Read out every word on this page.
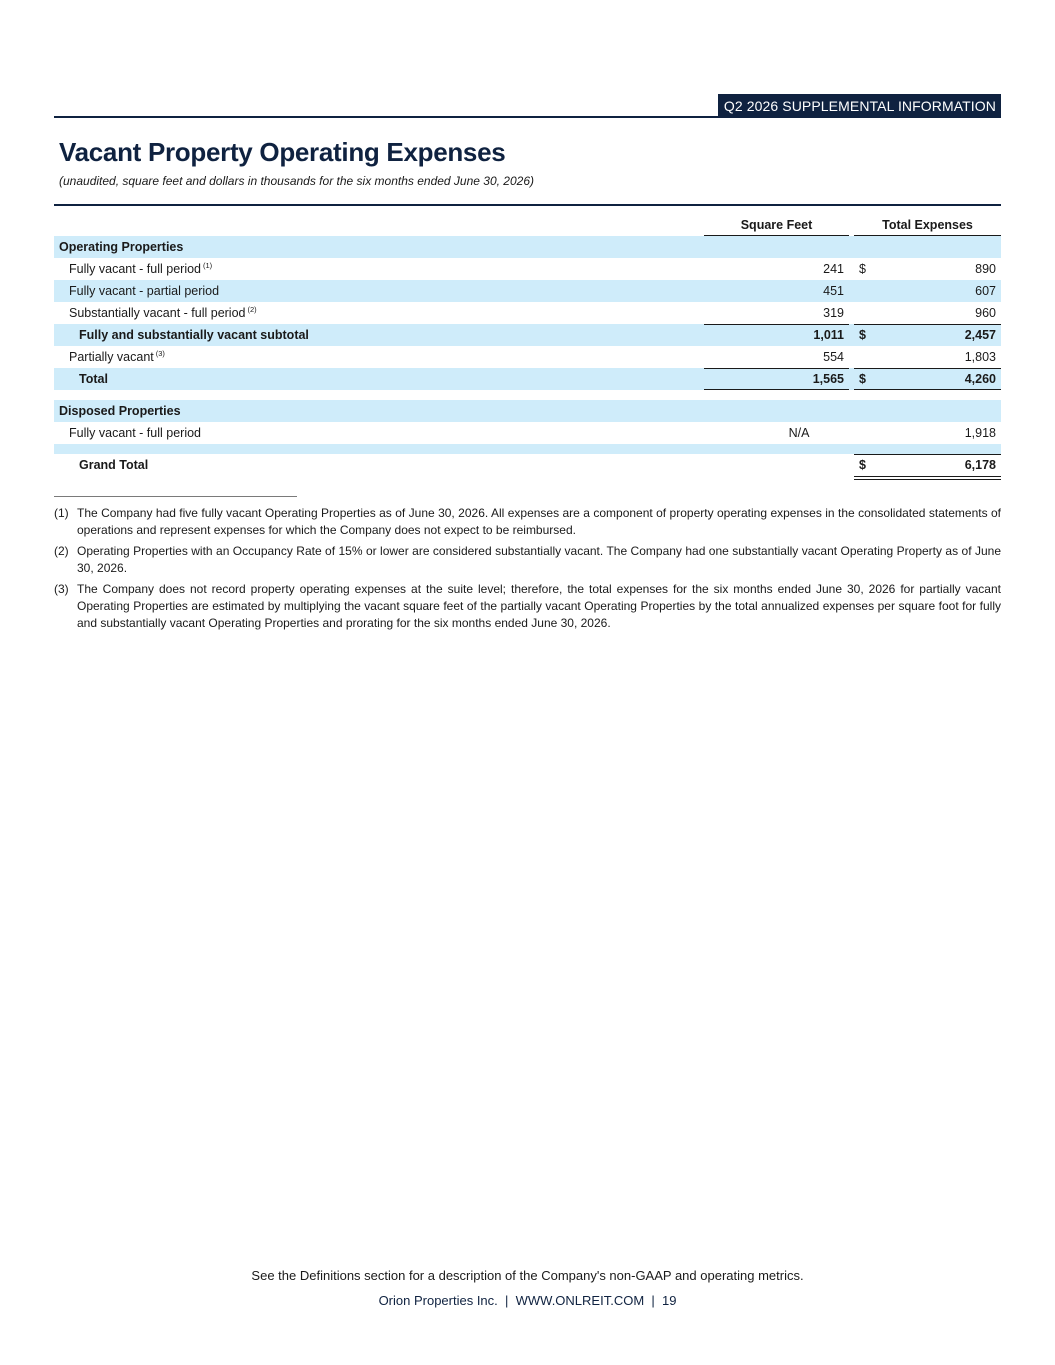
Q2 2026 SUPPLEMENTAL INFORMATION
Vacant Property Operating Expenses
(unaudited, square feet and dollars in thousands for the six months ended June 30, 2026)
Square Feet	Total Expenses
Operating Properties
Fully vacant - full period $^{(1)}$	241 $	890
Fully vacant - partial period	451	607
Substantially vacant - full period $^{(2)}$	319	960
Fully and substantially vacant subtotal	1,011 $	2,457
Partially vacant $^{(3)}$	554	1,803
Total	1,565 $	4,260
Disposed Properties
Fully vacant - full period	N/A	1,918
Grand Total	$	6,178
(1) The Company had five fully vacant Operating Properties as of June 30, 2026. All expenses are a component of property operating expenses in the consolidated statements of operations and represent expenses for which the Company does not expect to be reimbursed.
(2) Operating Properties with an Occupancy Rate of 15% or lower are considered substantially vacant. The Company had one substantially vacant Operating Property as of June 30, 2026.
(3) The Company does not record property operating expenses at the suite level; therefore, the total expenses for the six months ended June 30, 2026 for partially vacant Operating Properties are estimated by multiplying the vacant square feet of the partially vacant Operating Properties by the total annualized expenses per square foot for fully and substantially vacant Operating Properties and prorating for the six months ended June 30, 2026.
See the Definitions section for a description of the Company's non-GAAP and operating metrics.
Orion Properties Inc.  |  WWW.ONLREIT.COM  |  19
